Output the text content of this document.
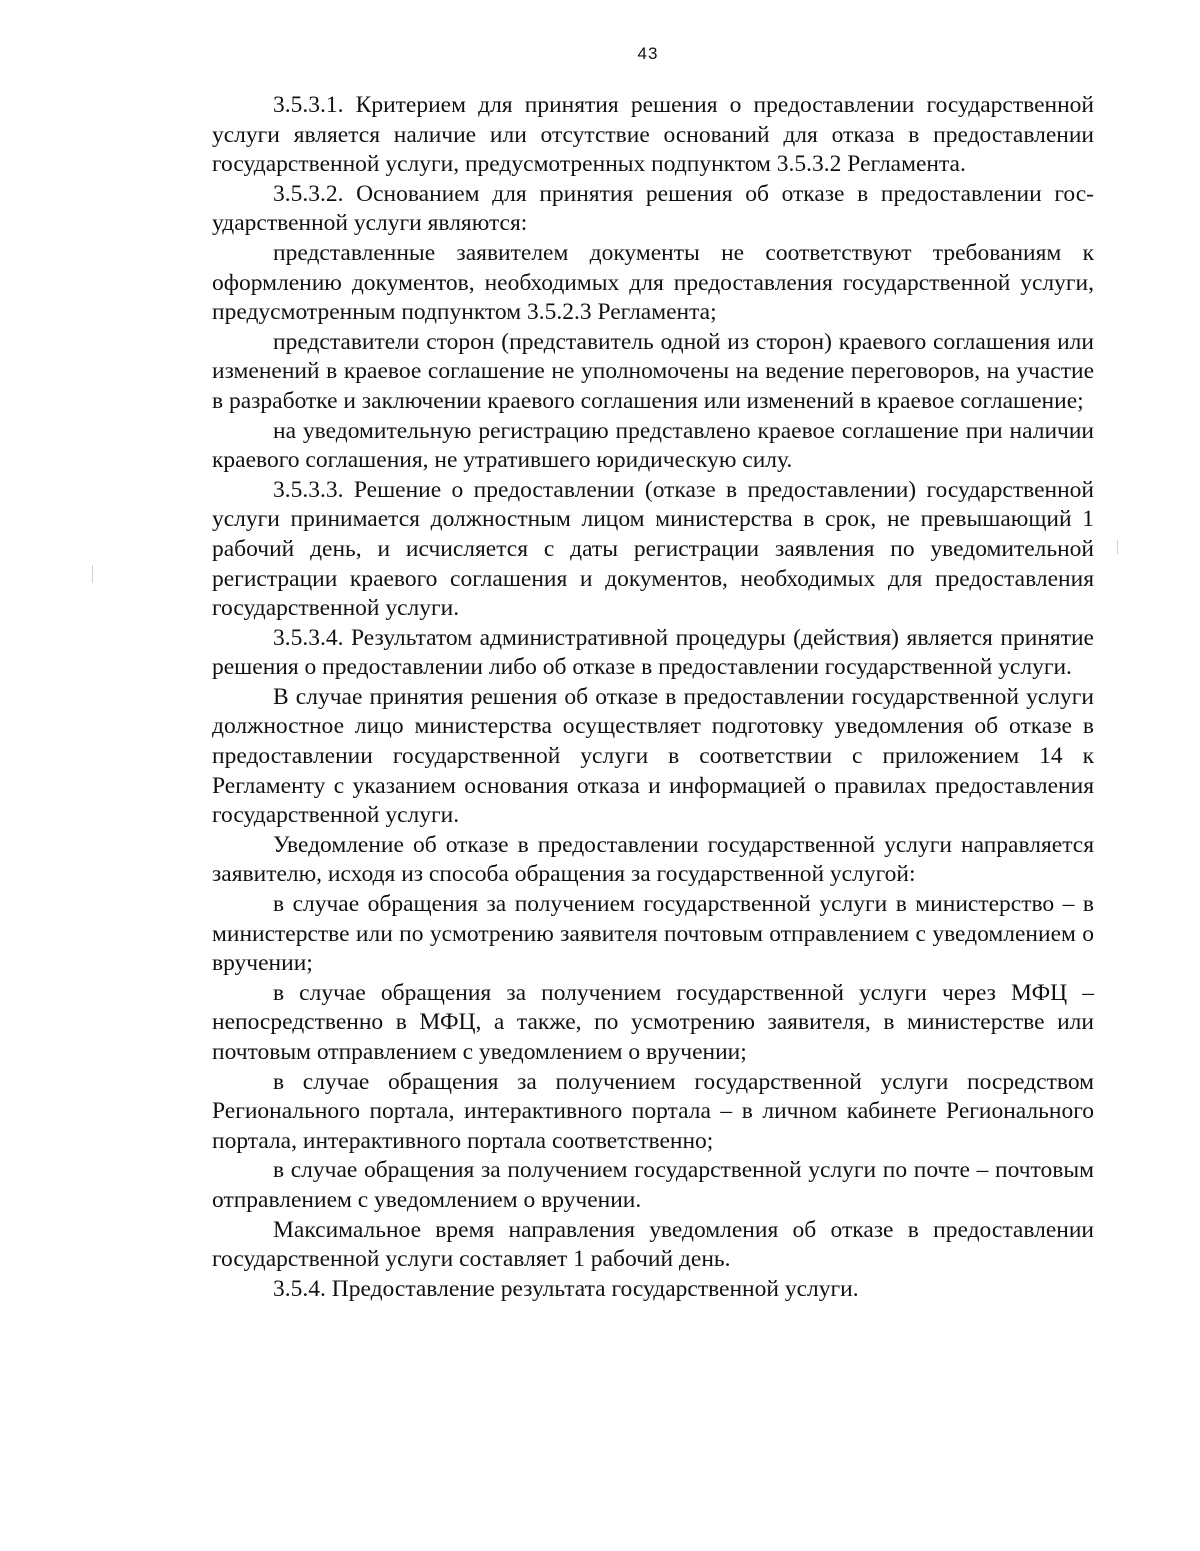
43

3.5.3.1. Критерием для принятия решения о предоставлении государственной услуги является наличие или отсутствие оснований для отказа в предоставлении государственной услуги, предусмотренных подпунктом 3.5.3.2 Регламента.

3.5.3.2. Основанием для принятия решения об отказе в предоставлении государственной услуги являются:

представленные заявителем документы не соответствуют требованиям к оформлению документов, необходимых для предоставления государственной услуги, предусмотренным подпунктом 3.5.2.3 Регламента;

представители сторон (представитель одной из сторон) краевого соглашения или изменений в краевое соглашение не уполномочены на ведение переговоров, на участие в разработке и заключении краевого соглашения или изменений в краевое соглашение;

на уведомительную регистрацию представлено краевое соглашение при наличии краевого соглашения, не утратившего юридическую силу.

3.5.3.3. Решение о предоставлении (отказе в предоставлении) государственной услуги принимается должностным лицом министерства в срок, не превышающий 1 рабочий день, и исчисляется с даты регистрации заявления по уведомительной регистрации краевого соглашения и документов, необходимых для предоставления государственной услуги.

3.5.3.4. Результатом административной процедуры (действия) является принятие решения о предоставлении либо об отказе в предоставлении государственной услуги.

В случае принятия решения об отказе в предоставлении государственной услуги должностное лицо министерства осуществляет подготовку уведомления об отказе в предоставлении государственной услуги в соответствии с приложением 14 к Регламенту с указанием основания отказа и информацией о правилах предоставления государственной услуги.

Уведомление об отказе в предоставлении государственной услуги направляется заявителю, исходя из способа обращения за государственной услугой:

в случае обращения за получением государственной услуги в министерство – в министерстве или по усмотрению заявителя почтовым отправлением с уведомлением о вручении;

в случае обращения за получением государственной услуги через МФЦ – непосредственно в МФЦ, а также, по усмотрению заявителя, в министерстве или почтовым отправлением с уведомлением о вручении;

в случае обращения за получением государственной услуги посредством Регионального портала, интерактивного портала – в личном кабинете Регионального портала, интерактивного портала соответственно;

в случае обращения за получением государственной услуги по почте – почтовым отправлением с уведомлением о вручении.

Максимальное время направления уведомления об отказе в предоставлении государственной услуги составляет 1 рабочий день.

3.5.4. Предоставление результата государственной услуги.
